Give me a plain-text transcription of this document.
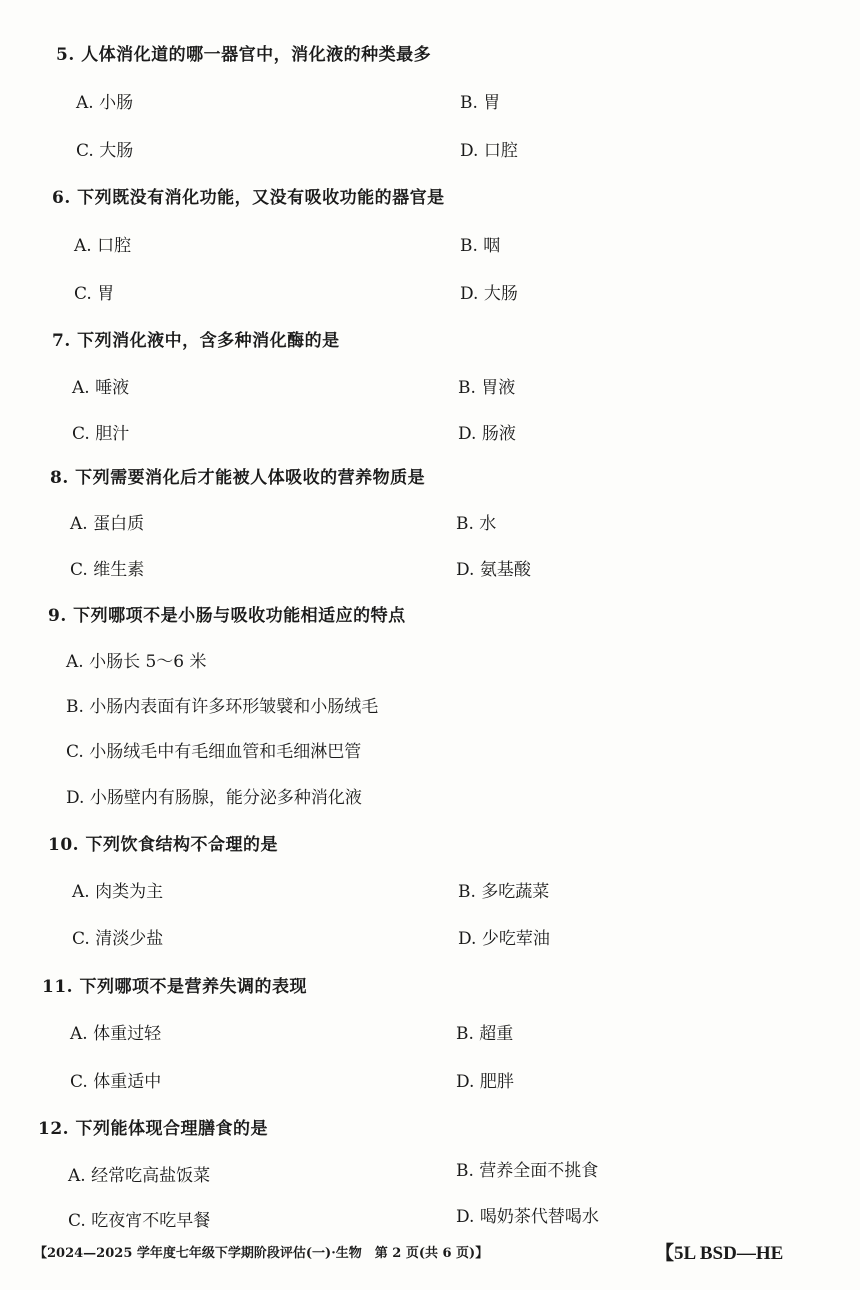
5. 人体消化道的哪一器官中，消化液的种类最多
A. 小肠	B. 胃
C. 大肠	D. 口腔
6. 下列既没有消化功能，又没有吸收功能的器官是
A. 口腔	B. 咽
C. 胃	D. 大肠
7. 下列消化液中，含多种消化酶的是
A. 唾液	B. 胃液
C. 胆汁	D. 肠液
8. 下列需要消化后才能被人体吸收的营养物质是
A. 蛋白质	B. 水
C. 维生素	D. 氨基酸
9. 下列哪项不是小肠与吸收功能相适应的特点
A. 小肠长 5～6 米
B. 小肠内表面有许多环形皱襞和小肠绒毛
C. 小肠绒毛中有毛细血管和毛细淋巴管
D. 小肠壁内有肠腺，能分泌多种消化液
10. 下列饮食结构不合理的是
A. 肉类为主	B. 多吃蔬菜
C. 清淡少盐	D. 少吃荤油
11. 下列哪项不是营养失调的表现
A. 体重过轻	B. 超重
C. 体重适中	D. 肥胖
12. 下列能体现合理膳食的是
A. 经常吃高盐饭菜	B. 营养全面不挑食
C. 吃夜宵不吃早餐	D. 喝奶茶代替喝水
【2024—2025 学年度七年级下学期阶段评估(一)·生物　第 2 页(共 6 页)】	【5L BSD—HE
